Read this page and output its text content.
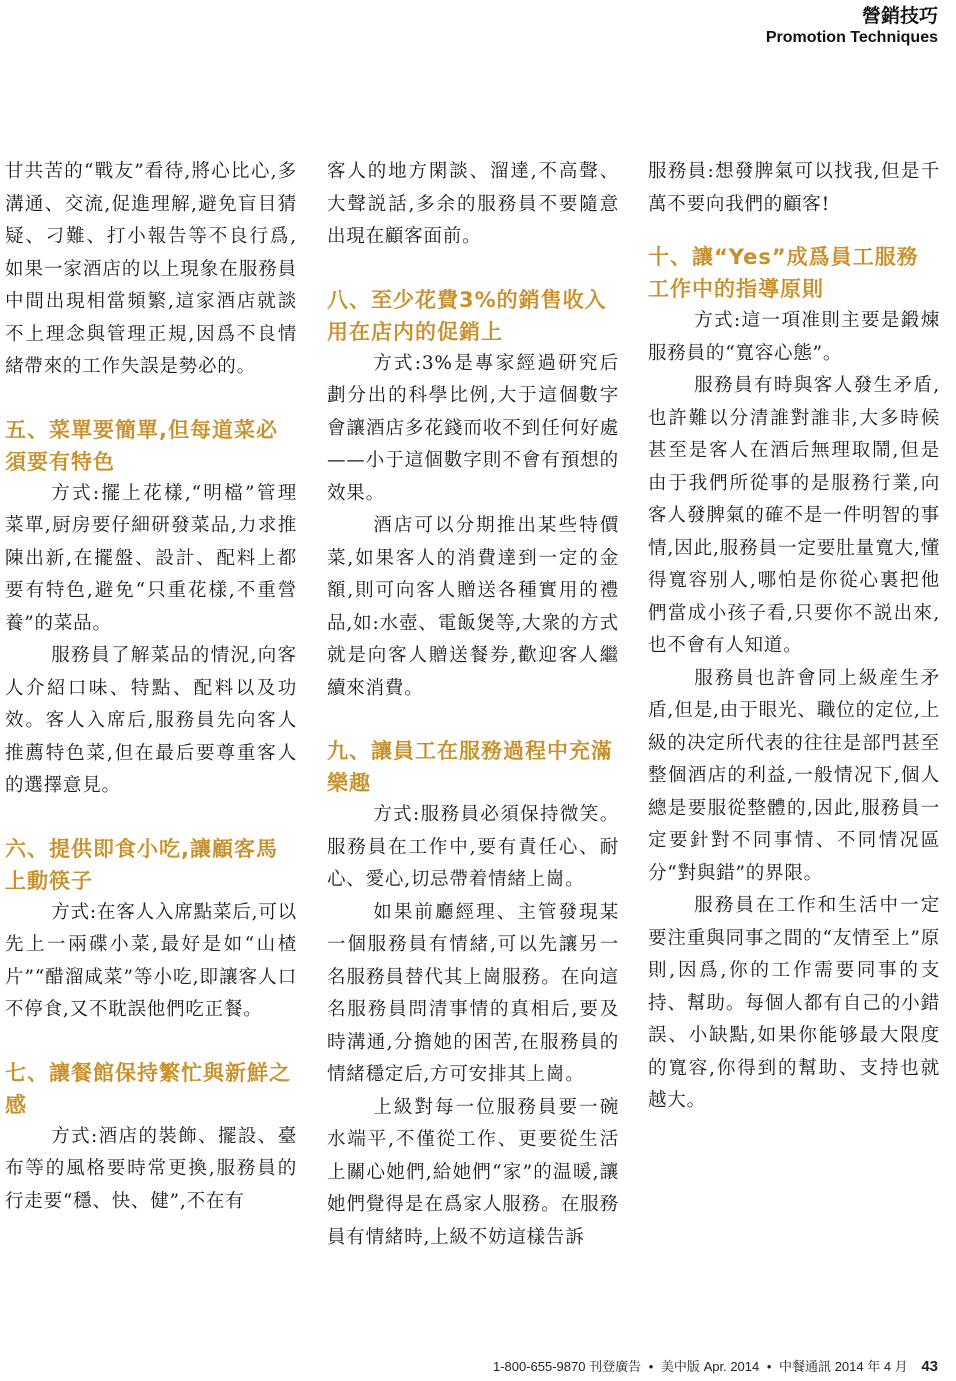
營銷技巧
Promotion Techniques

甘共苦的“戰友”看待,將心比心,多溝通、交流,促進理解,避免盲目猜疑、刁難、打小報告等不良行爲,如果一家酒店的以上現象在服務員中間出現相當頻繁,這家酒店就談不上理念與管理正規,因爲不良情緒帶來的工作失誤是勢必的。

五、菜單要簡單,但每道菜必須要有特色

方式:擺上花樣,“明檔”管理菜單,厨房要仔細研發菜品,力求推陳出新,在擺盤、設計、配料上都要有特色,避免“只重花樣,不重營養”的菜品。

服務員了解菜品的情況,向客人介紹口味、特點、配料以及功效。客人入席后,服務員先向客人推薦特色菜,但在最后要尊重客人的選擇意見。

六、提供即食小吃,讓顧客馬上動筷子

方式:在客人入席點菜后,可以先上一兩碟小菜,最好是如“山楂片”“醋溜咸菜”等小吃,即讓客人口不停食,又不耽誤他們吃正餐。

七、讓餐館保持繁忙與新鮮之感

方式:酒店的裝飾、擺設、臺布等的風格要時常更換,服務員的行走要“穩、快、健”,不在有

客人的地方閑談、溜達,不高聲、大聲説話,多余的服務員不要隨意出現在顧客面前。

八、至少花費3%的銷售收入用在店内的促銷上

方式:3%是專家經過研究后劃分出的科學比例,大于這個數字會讓酒店多花錢而收不到任何好處——小于這個數字則不會有預想的效果。

酒店可以分期推出某些特價菜,如果客人的消費達到一定的金額,則可向客人贈送各種實用的禮品,如:水壺、電飯煲等,大衆的方式就是向客人贈送餐券,歡迎客人繼續來消費。

九、讓員工在服務過程中充滿樂趣

方式:服務員必須保持微笑。服務員在工作中,要有責任心、耐心、愛心,切忌帶着情緒上崗。

如果前廳經理、主管發現某一個服務員有情緒,可以先讓另一名服務員替代其上崗服務。在向這名服務員問清事情的真相后,要及時溝通,分擔她的困苦,在服務員的情緒穩定后,方可安排其上崗。

上級對每一位服務員要一碗水端平,不僅從工作、更要從生活上關心她們,給她們“家”的温暖,讓她們覺得是在爲家人服務。在服務員有情緒時,上級不妨這樣告訴

服務員:想發脾氣可以找我,但是千萬不要向我們的顧客!

十、讓“Yes”成爲員工服務工作中的指導原則

方式:這一項准則主要是鍛煉服務員的“寬容心態”。

服務員有時與客人發生矛盾,也許難以分清誰對誰非,大多時候甚至是客人在酒后無理取鬧,但是由于我們所從事的是服務行業,向客人發脾氣的確不是一件明智的事情,因此,服務員一定要肚量寬大,懂得寬容别人,哪怕是你從心裏把他們當成小孩子看,只要你不説出來,也不會有人知道。

服務員也許會同上級産生矛盾,但是,由于眼光、職位的定位,上級的决定所代表的往往是部門甚至整個酒店的利益,一般情况下,個人總是要服從整體的,因此,服務員一定要針對不同事情、不同情况區分“對與錯”的界限。

服務員在工作和生活中一定要注重與同事之間的“友情至上”原則,因爲,你的工作需要同事的支持、幫助。每個人都有自己的小錯誤、小缺點,如果你能够最大限度的寬容,你得到的幫助、支持也就越大。

1-800-655-9870 刊登廣告 • 美中版 Apr. 2014 • 中餐通訊 2014 年 4 月 43
